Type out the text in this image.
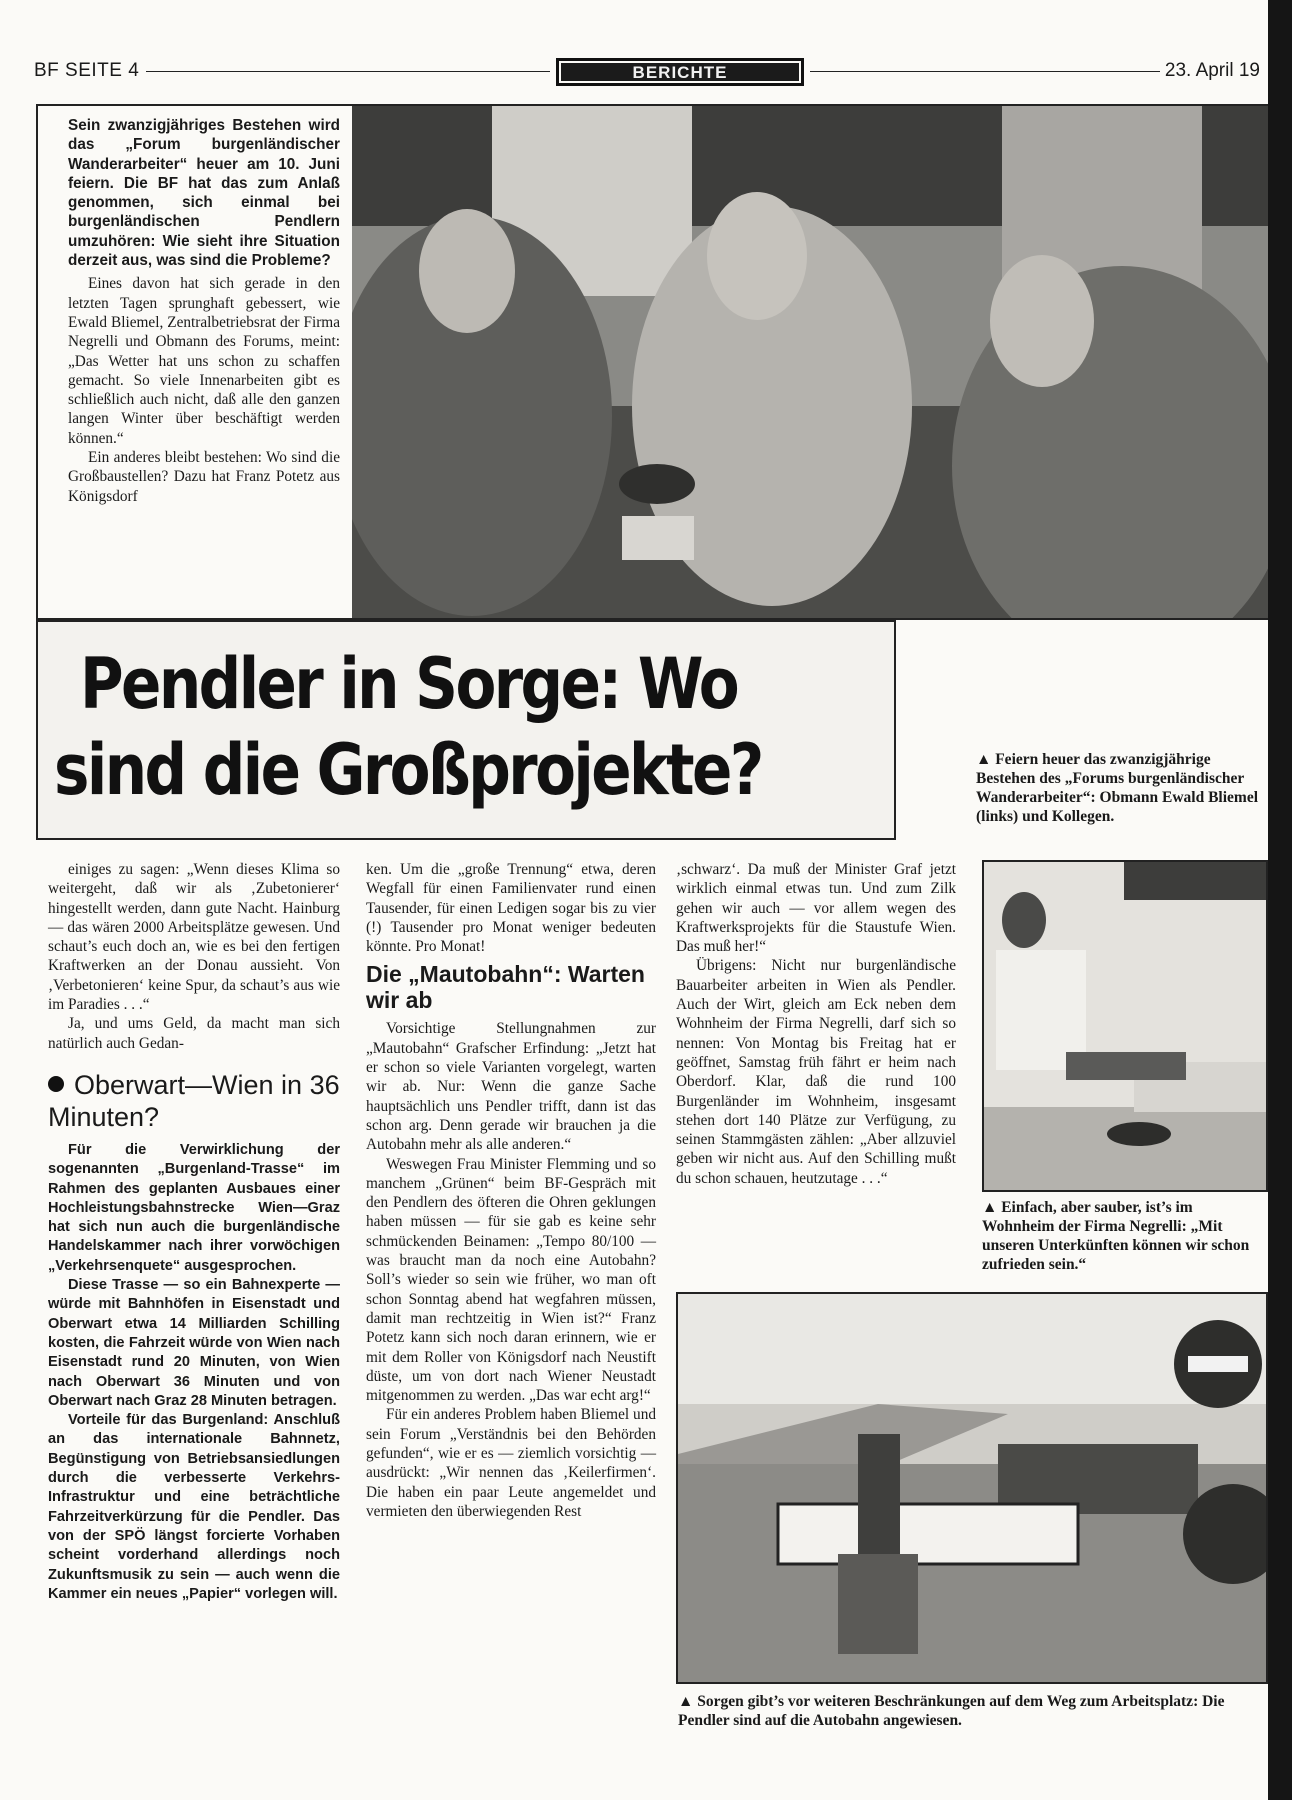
BF SEITE 4	BERICHTE	23. April 19

Sein zwanzigjähriges Bestehen wird das „Forum burgenländischer Wanderarbeiter“ heuer am 10. Juni feiern. Die BF hat das zum Anlaß genommen, sich einmal bei burgenländischen Pendlern umzuhören: Wie sieht ihre Situation derzeit aus, was sind die Probleme?

Eines davon hat sich gerade in den letzten Tagen sprunghaft gebessert, wie Ewald Bliemel, Zentralbetriebsrat der Firma Negrelli und Obmann des Forums, meint: „Das Wetter hat uns schon zu schaffen gemacht. So viele Innenarbeiten gibt es schließlich auch nicht, daß alle den ganzen langen Winter über beschäftigt werden können.“

Ein anderes bleibt bestehen: Wo sind die Großbaustellen? Dazu hat Franz Potetz aus Königsdorf

Pendler in Sorge: Wo
sind die Großprojekte?	▲ Feiern heuer das zwanzigjährige Bestehen des „Forums burgenländischer Wanderarbeiter“: Obmann Ewald Bliemel (links) und Kollegen.

einiges zu sagen: „Wenn dieses Klima so weitergeht, daß wir als ‚Zubetonierer‘ hingestellt werden, dann gute Nacht. Hainburg — das wären 2000 Arbeitsplätze gewesen. Und schaut’s euch doch an, wie es bei den fertigen Kraftwerken an der Donau aussieht. Von ‚Verbetonieren‘ keine Spur, da schaut’s aus wie im Paradies . . .“

Ja, und ums Geld, da macht man sich natürlich auch Gedan-

Oberwart—Wien in 36 Minuten?

Für die Verwirklichung der sogenannten „Burgenland-Trasse“ im Rahmen des geplanten Ausbaues einer Hochleistungsbahnstrecke Wien—Graz hat sich nun auch die burgenländische Handelskammer nach ihrer vorwöchigen „Verkehrsenquete“ ausgesprochen.

Diese Trasse — so ein Bahnexperte — würde mit Bahnhöfen in Eisenstadt und Oberwart etwa 14 Milliarden Schilling kosten, die Fahrzeit würde von Wien nach Eisenstadt rund 20 Minuten, von Wien nach Oberwart 36 Minuten und von Oberwart nach Graz 28 Minuten betragen.

Vorteile für das Burgenland: Anschluß an das internationale Bahnnetz, Begünstigung von Betriebsansiedlungen durch die verbesserte Verkehrs-Infrastruktur und eine beträchtliche Fahrzeitverkürzung für die Pendler. Das von der SPÖ längst forcierte Vorhaben scheint vorderhand allerdings noch Zukunftsmusik zu sein — auch wenn die Kammer ein neues „Papier“ vorlegen will.

ken. Um die „große Trennung“ etwa, deren Wegfall für einen Familienvater rund einen Tausender, für einen Ledigen sogar bis zu vier (!) Tausender pro Monat weniger bedeuten könnte. Pro Monat!

Die „Mautobahn“: Warten wir ab

Vorsichtige Stellungnahmen zur „Mautobahn“ Grafscher Erfindung: „Jetzt hat er schon so viele Varianten vorgelegt, warten wir ab. Nur: Wenn die ganze Sache hauptsächlich uns Pendler trifft, dann ist das schon arg. Denn gerade wir brauchen ja die Autobahn mehr als alle anderen.“

Weswegen Frau Minister Flemming und so manchem „Grünen“ beim BF-Gespräch mit den Pendlern des öfteren die Ohren geklungen haben müssen — für sie gab es keine sehr schmückenden Beinamen: „Tempo 80/100 — was braucht man da noch eine Autobahn? Soll’s wieder so sein wie früher, wo man oft schon Sonntag abend hat wegfahren müssen, damit man rechtzeitig in Wien ist?“ Franz Potetz kann sich noch daran erinnern, wie er mit dem Roller von Königsdorf nach Neustift düste, um von dort nach Wiener Neustadt mitgenommen zu werden. „Das war echt arg!“

Für ein anderes Problem haben Bliemel und sein Forum „Verständnis bei den Behörden gefunden“, wie er es — ziemlich vorsichtig — ausdrückt: „Wir nennen das ‚Keilerfirmen‘. Die haben ein paar Leute angemeldet und vermieten den überwiegenden Rest

‚schwarz‘. Da muß der Minister Graf jetzt wirklich einmal etwas tun. Und zum Zilk gehen wir auch — vor allem wegen des Kraftwerksprojekts für die Staustufe Wien. Das muß her!“

Übrigens: Nicht nur burgenländische Bauarbeiter arbeiten in Wien als Pendler. Auch der Wirt, gleich am Eck neben dem Wohnheim der Firma Negrelli, darf sich so nennen: Von Montag bis Freitag hat er geöffnet, Samstag früh fährt er heim nach Oberdorf. Klar, daß die rund 100 Burgenländer im Wohnheim, insgesamt stehen dort 140 Plätze zur Verfügung, zu seinen Stammgästen zählen: „Aber allzuviel geben wir nicht aus. Auf den Schilling mußt du schon schauen, heutzutage . . .“

▲ Einfach, aber sauber, ist’s im Wohnheim der Firma Negrelli: „Mit unseren Unterkünften können wir schon zufrieden sein.“

▲ Sorgen gibt’s vor weiteren Beschränkungen auf dem Weg zum Arbeitsplatz: Die Pendler sind auf die Autobahn angewiesen.
